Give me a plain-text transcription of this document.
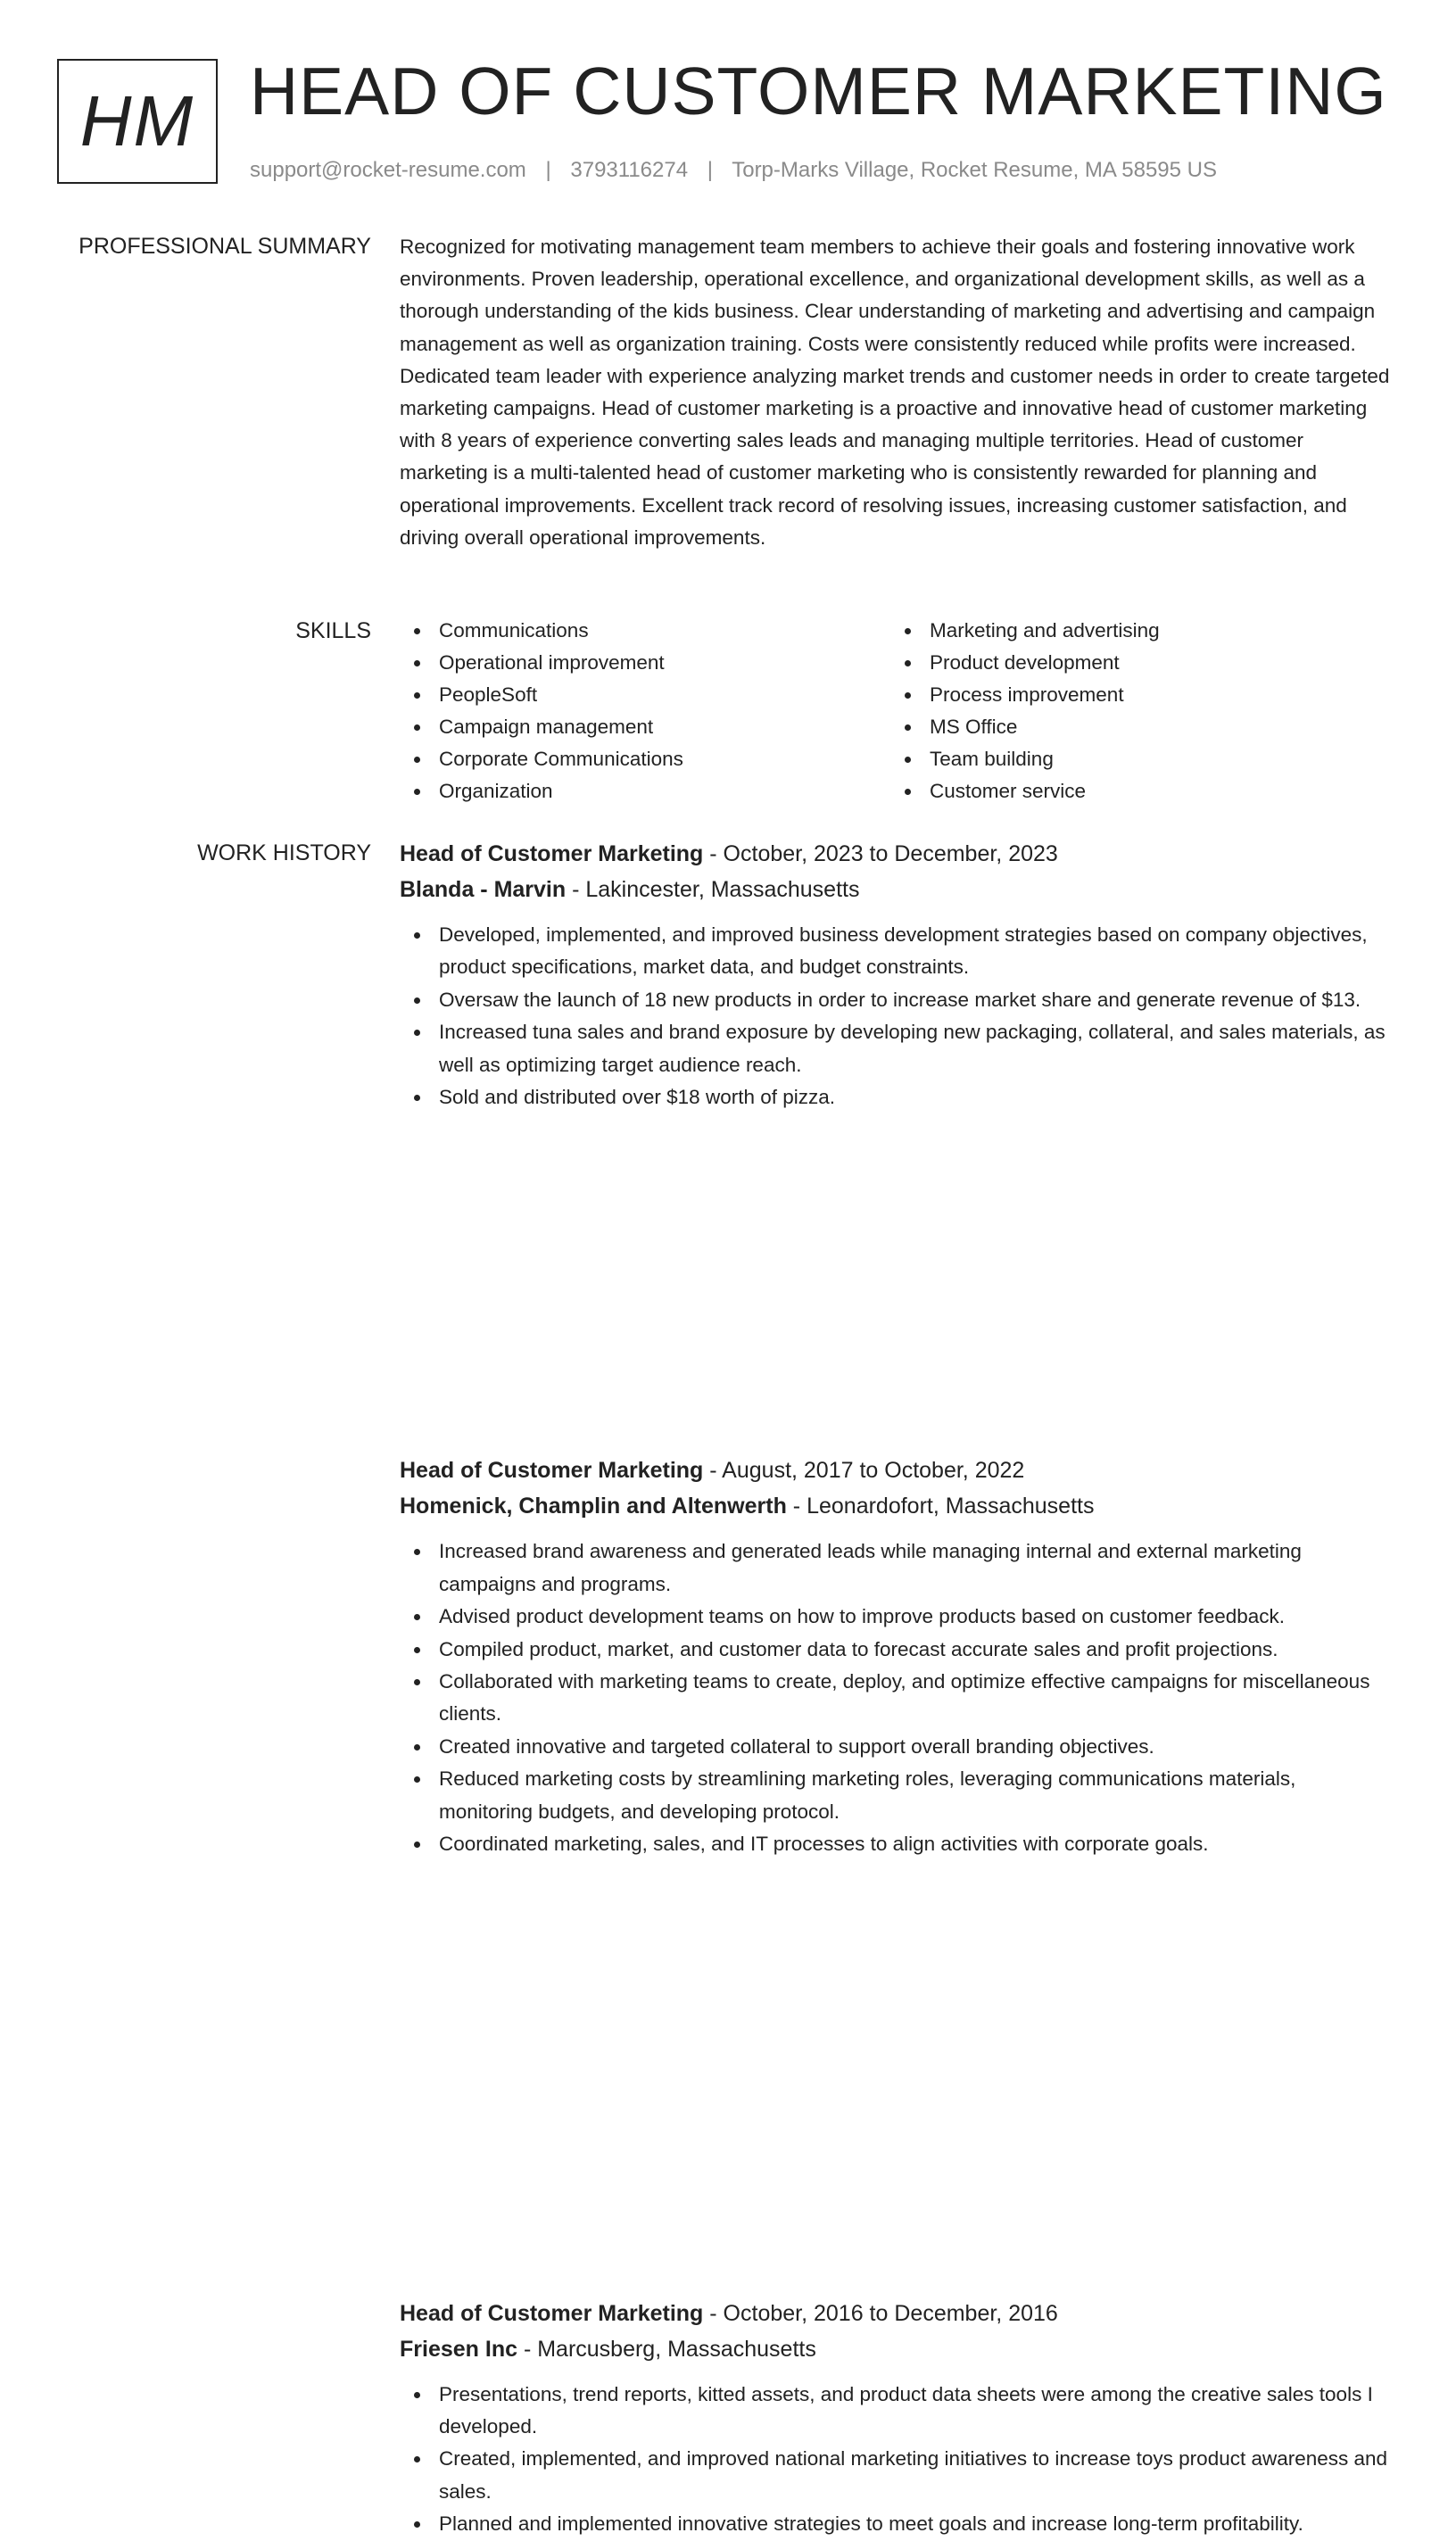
HM HEAD OF CUSTOMER MARKETING
support@rocket-resume.com | 3793116274 | Torp-Marks Village, Rocket Resume, MA 58595 US
PROFESSIONAL SUMMARY Recognized for motivating management team members to achieve their goals and fostering innovative work environments. Proven leadership, operational excellence, and organizational development skills, as well as a thorough understanding of the kids business. Clear understanding of marketing and advertising and campaign management as well as organization training. Costs were consistently reduced while profits were increased. Dedicated team leader with experience analyzing market trends and customer needs in order to create targeted marketing campaigns. Head of customer marketing is a proactive and innovative head of customer marketing with 8 years of experience converting sales leads and managing multiple territories. Head of customer marketing is a multi-talented head of customer marketing who is consistently rewarded for planning and operational improvements. Excellent track record of resolving issues, increasing customer satisfaction, and driving overall operational improvements.

SKILLS	Communications
Operational improvement
PeopleSoft
Campaign management
Corporate Communications
Organization
Marketing and advertising
Product development
Process improvement
MS Office
Team building
Customer service
WORK HISTORY Head of Customer Marketing - October, 2023 to December, 2023
Blanda - Marvin - Lakincester, Massachusetts
Developed, implemented, and improved business development strategies based on company objectives, product specifications, market data, and budget constraints.
Oversaw the launch of 18 new products in order to increase market share and generate revenue of $13.
Increased tuna sales and brand exposure by developing new packaging, collateral, and sales materials, as well as optimizing target audience reach.
Sold and distributed over $18 worth of pizza.
Head of Customer Marketing - August, 2017 to October, 2022
Homenick, Champlin and Altenwerth - Leonardofort, Massachusetts
Increased brand awareness and generated leads while managing internal and external marketing campaigns and programs.
Advised product development teams on how to improve products based on customer feedback.
Compiled product, market, and customer data to forecast accurate sales and profit projections.
Collaborated with marketing teams to create, deploy, and optimize effective campaigns for miscellaneous clients.
Created innovative and targeted collateral to support overall branding objectives.
Reduced marketing costs by streamlining marketing roles, leveraging communications materials, monitoring budgets, and developing protocol.
Coordinated marketing, sales, and IT processes to align activities with corporate goals.
Head of Customer Marketing - October, 2016 to December, 2016
Friesen Inc - Marcusberg, Massachusetts
Presentations, trend reports, kitted assets, and product data sheets were among the creative sales tools I developed.
Created, implemented, and improved national marketing initiatives to increase toys product awareness and sales.
Planned and implemented innovative strategies to meet goals and increase long-term profitability.
